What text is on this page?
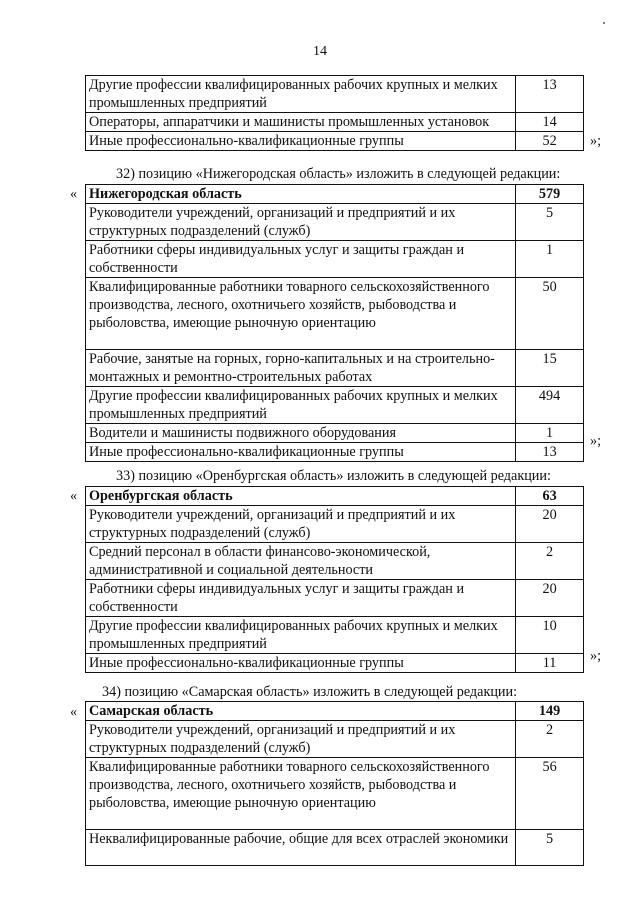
14
Другие профессии квалифицированных рабочих крупных и мелких промышленных предприятий	13
Операторы, аппаратчики и машинисты промышленных установок	14
Иные профессионально-квалификационные группы	52 »;
32) позицию «Нижегородская область» изложить в следующей редакции:
« Нижегородская область	579
Руководители учреждений, организаций и предприятий и их структурных подразделений (служб)	5
Работники сферы индивидуальных услуг и защиты граждан и собственности	1
Квалифицированные работники товарного сельскохозяйственного производства, лесного, охотничьего хозяйств, рыбоводства и рыболовства, имеющие рыночную ориентацию	50
Рабочие, занятые на горных, горно-капитальных и на строительно-монтажных и ремонтно-строительных работах	15
Другие профессии квалифицированных рабочих крупных и мелких промышленных предприятий	494
Водители и машинисты подвижного оборудования	1
Иные профессионально-квалификационные группы	13
»;
33) позицию «Оренбургская область» изложить в следующей редакции:
« Оренбургская область	63
Руководители учреждений, организаций и предприятий и их структурных подразделений (служб)	20
Средний персонал в области финансово-экономической, административной и социальной деятельности	2
Работники сферы индивидуальных услуг и защиты граждан и собственности	20
Другие профессии квалифицированных рабочих крупных и мелких промышленных предприятий	10
Иные профессионально-квалификационные группы	11 »;
34) позицию «Самарская область» изложить в следующей редакции:
« Самарская область	149
Руководители учреждений, организаций и предприятий и их структурных подразделений (служб)	2
Квалифицированные работники товарного сельскохозяйственного производства, лесного, охотничьего хозяйств, рыбоводства и рыболовства, имеющие рыночную ориентацию	56
Неквалифицированные рабочие, общие для всех отраслей экономики	5
